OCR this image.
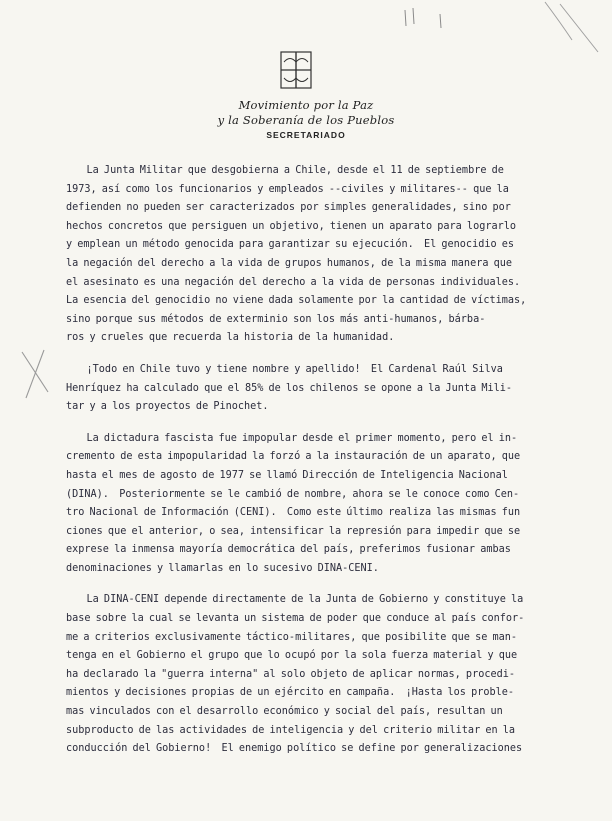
Movimiento por la Paz
y la Soberanía de los Pueblos
SECRETARIADO

La Junta Militar que desgobierna a Chile, desde el 11 de septiembre de
1973, así como los funcionarios y empleados --civiles y militares-- que la
defienden no pueden ser caracterizados por simples generalidades, sino por
hechos concretos que persiguen un objetivo, tienen un aparato para lograrlo
y emplean un método genocida para garantizar su ejecución.  El genocidio es
la negación del derecho a la vida de grupos humanos, de la misma manera que
el asesinato es una negación del derecho a la vida de personas individuales.
La esencia del genocidio no viene dada solamente por la cantidad de víctimas,
sino porque sus métodos de exterminio son los más anti-humanos, bárba-
ros y crueles que recuerda la historia de la humanidad.

¡Todo en Chile tuvo y tiene nombre y apellido!  El Cardenal Raúl Silva
Henríquez ha calculado que el 85% de los chilenos se opone a la Junta Mili-
tar y a los proyectos de Pinochet.

La dictadura fascista fue impopular desde el primer momento, pero el in-
cremento de esta impopularidad la forzó a la instauración de un aparato, que
hasta el mes de agosto de 1977 se llamó Dirección de Inteligencia Nacional
(DINA).  Posteriormente se le cambió de nombre, ahora se le conoce como Cen-
tro Nacional de Información (CENI).  Como este último realiza las mismas fun
ciones que el anterior, o sea, intensificar la represión para impedir que se
exprese la inmensa mayoría democrática del país, preferimos fusionar ambas
denominaciones y llamarlas en lo sucesivo DINA-CENI.

La DINA-CENI depende directamente de la Junta de Gobierno y constituye la
base sobre la cual se levanta un sistema de poder que conduce al país confor-
me a criterios exclusivamente táctico-militares, que posibilite que se man-
tenga en el Gobierno el grupo que lo ocupó por la sola fuerza material y que
ha declarado la "guerra interna" al solo objeto de aplicar normas, procedi-
mientos y decisiones propias de un ejército en campaña.  ¡Hasta los proble-
mas vinculados con el desarrollo económico y social del país, resultan un
subproducto de las actividades de inteligencia y del criterio militar en la
conducción del Gobierno!  El enemigo político se define por generalizaciones
